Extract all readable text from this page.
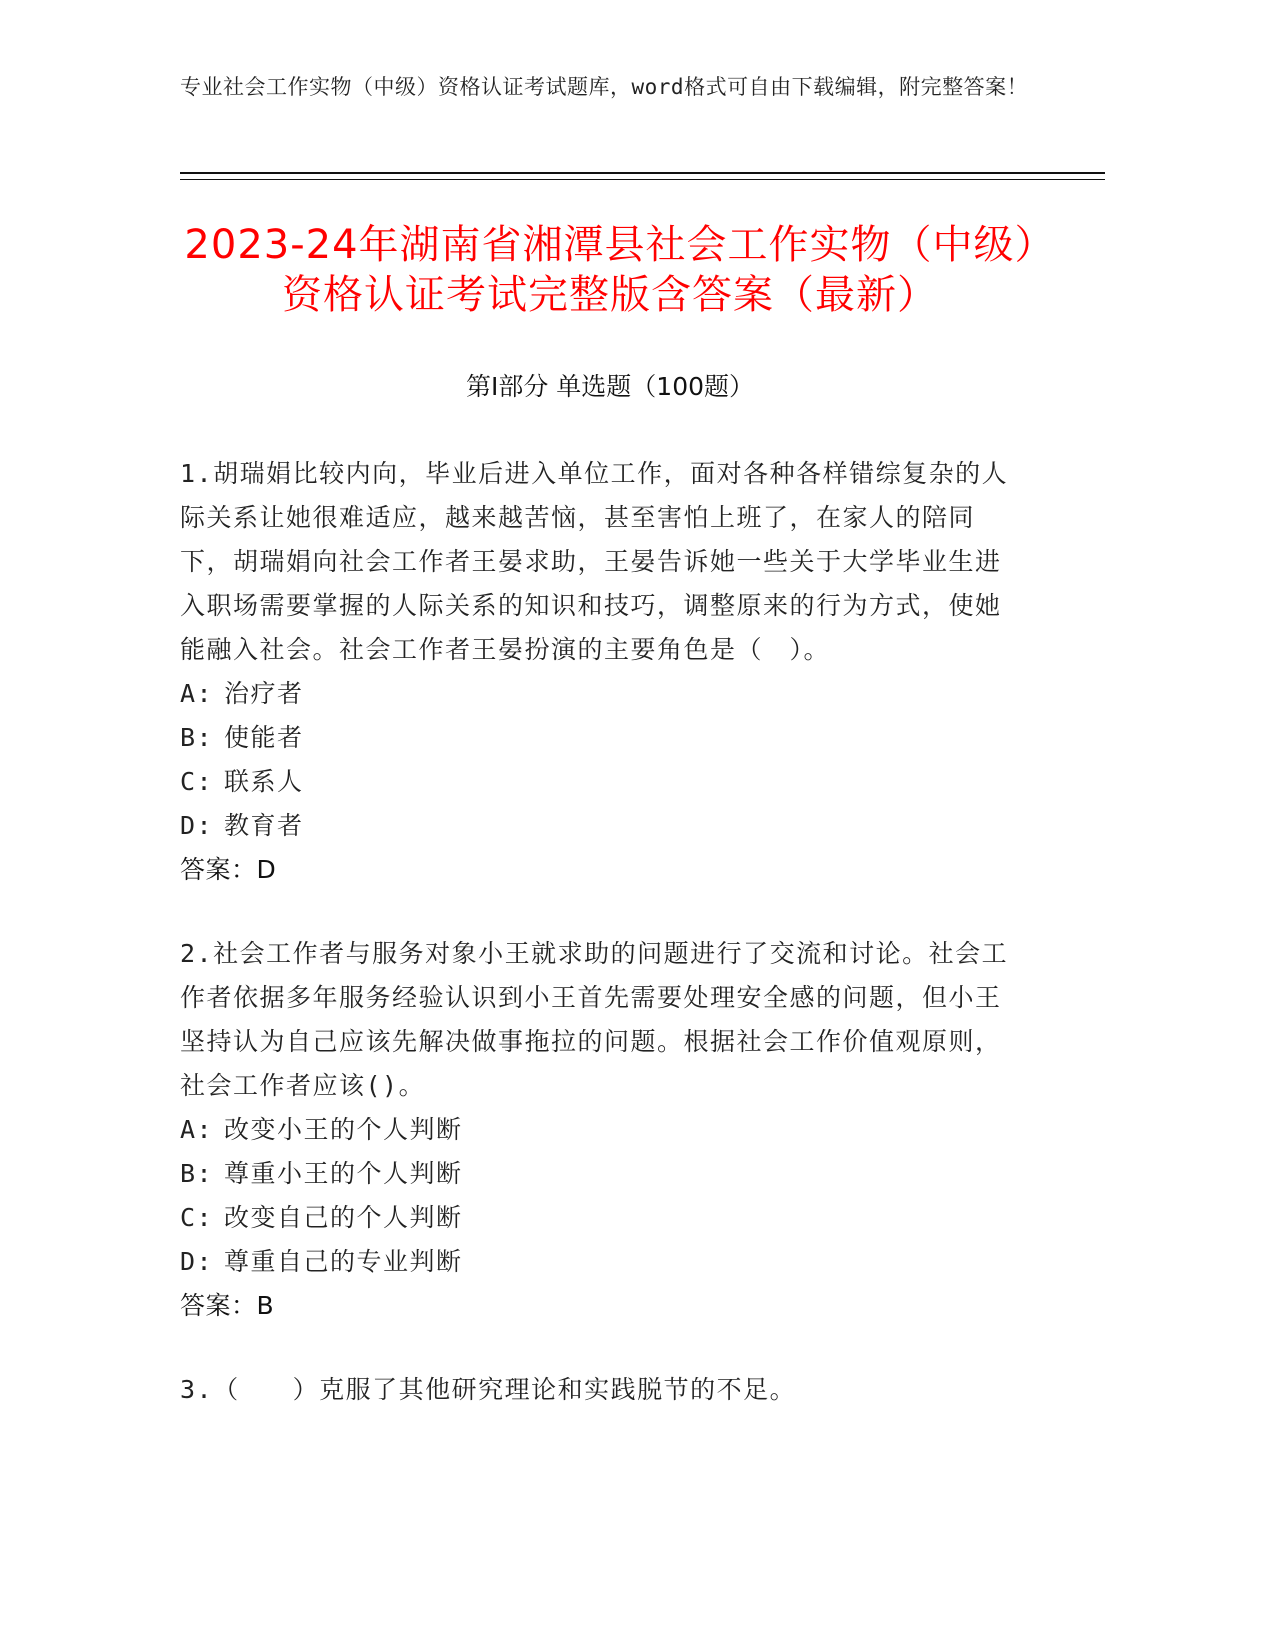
专业社会工作实物（中级）资格认证考试题库，word格式可自由下载编辑，附完整答案！
2023-24年湖南省湘潭县社会工作实物（中级）资格认证考试完整版含答案（最新）
第Ⅰ部分 单选题（100题）

1.胡瑞娟比较内向，毕业后进入单位工作，面对各种各样错综复杂的人际关系让她很难适应，越来越苦恼，甚至害怕上班了，在家人的陪同下，胡瑞娟向社会工作者王晏求助，王晏告诉她一些关于大学毕业生进入职场需要掌握的人际关系的知识和技巧，调整原来的行为方式，使她能融入社会。社会工作者王晏扮演的主要角色是（　）。

A: 治疗者
B: 使能者
C: 联系人
D: 教育者

答案：D

2.社会工作者与服务对象小王就求助的问题进行了交流和讨论。社会工作者依据多年服务经验认识到小王首先需要处理安全感的问题，但小王坚持认为自己应该先解决做事拖拉的问题。根据社会工作价值观原则，社会工作者应该()。

A: 改变小王的个人判断
B: 尊重小王的个人判断
C: 改变自己的个人判断
D: 尊重自己的专业判断

答案：B

3.（　　）克服了其他研究理论和实践脱节的不足。
